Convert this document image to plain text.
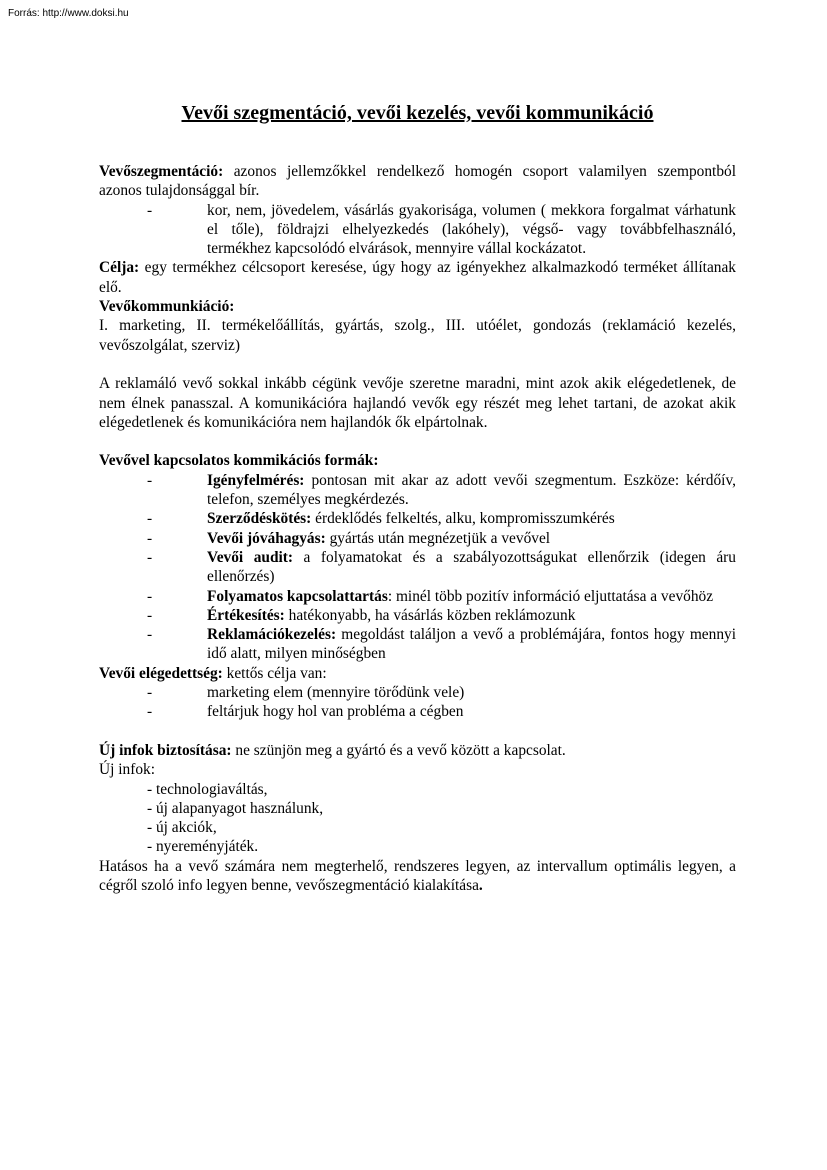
Forrás: http://www.doksi.hu
Vevői szegmentáció, vevői kezelés, vevői kommunikáció

Vevőszegmentáció: azonos jellemzőkkel rendelkező homogén csoport valamilyen szempontból azonos tulajdonsággal bír.

-	kor, nem, jövedelem, vásárlás gyakorisága, volumen ( mekkora forgalmat várhatunk el tőle), földrajzi elhelyezkedés (lakóhely), végső- vagy továbbfelhasználó, termékhez kapcsolódó elvárások, mennyire vállal kockázatot.

Célja: egy termékhez célcsoport keresése, úgy hogy az igényekhez alkalmazkodó terméket állítanak elő.

Vevőkommunkiáció:

I. marketing, II. termékelőállítás, gyártás, szolg., III. utóélet, gondozás (reklamáció kezelés, vevőszolgálat, szerviz)

A reklamáló vevő sokkal inkább cégünk vevője szeretne maradni, mint azok akik elégedetlenek, de nem élnek panasszal. A komunikációra hajlandó vevők egy részét meg lehet tartani, de azokat akik elégedetlenek és komunikációra nem hajlandók ők elpártolnak.

Vevővel kapcsolatos kommikációs formák:

-	Igényfelmérés: pontosan mit akar az adott vevői szegmentum. Eszköze: kérdőív, telefon, személyes megkérdezés.
-	Szerződéskötés: érdeklődés felkeltés, alku, kompromisszumkérés
-	Vevői jóváhagyás: gyártás után megnézetjük a vevővel
-	Vevői audit: a folyamatokat és a szabályozottságukat ellenőrzik (idegen áru ellenőrzés)
-	Folyamatos kapcsolattartás: minél több pozitív információ eljuttatása a vevőhöz
-	Értékesítés: hatékonyabb, ha vásárlás közben reklámozunk
-	Reklamációkezelés: megoldást találjon a vevő a problémájára, fontos hogy mennyi idő alatt, milyen minőségben

Vevői elégedettség: kettős célja van:

-	marketing elem (mennyire törődünk vele)
-	feltárjuk hogy hol van probléma a cégben

Új infok biztosítása: ne szünjön meg a gyártó és a vevő között a kapcsolat.

Új infok:

- technologiaváltás,

- új alapanyagot használunk,

- új akciók,

- nyereményjáték.

Hatásos ha a vevő számára nem megterhelő, rendszeres legyen, az intervallum optimális legyen, a cégről szoló info legyen benne, vevőszegmentáció kialakítása.
